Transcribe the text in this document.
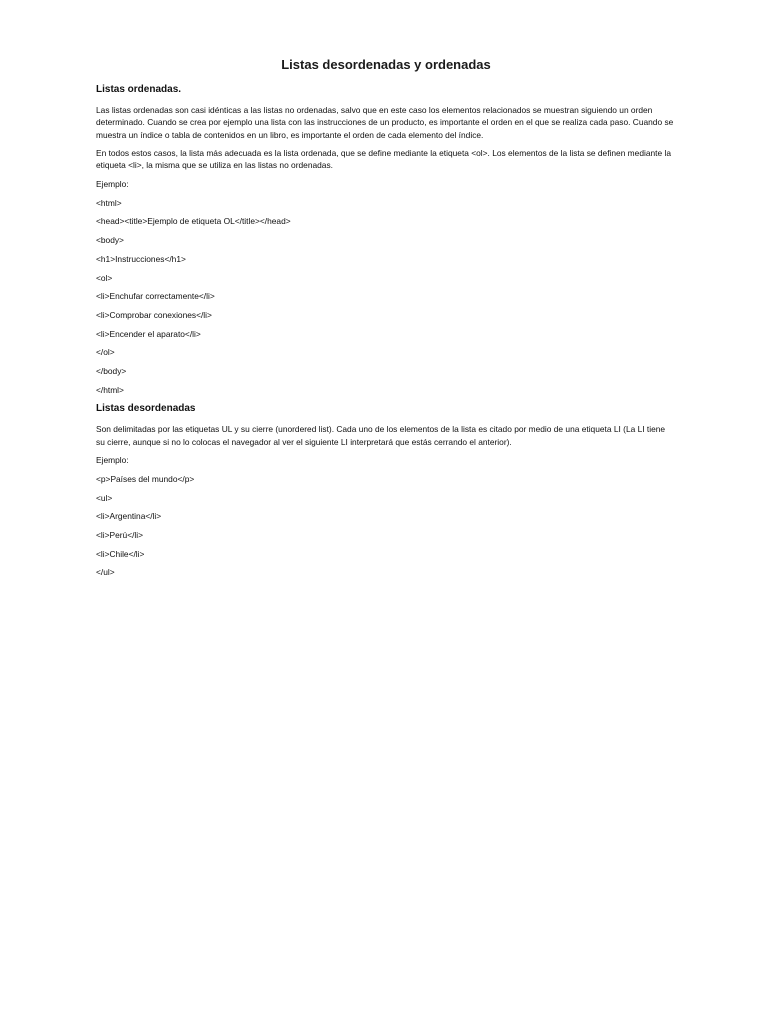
Listas desordenadas y ordenadas
Listas ordenadas.
Las listas ordenadas son casi idénticas a las listas no ordenadas, salvo que en este caso los elementos relacionados se muestran siguiendo un orden determinado. Cuando se crea por ejemplo una lista con las instrucciones de un producto, es importante el orden en el que se realiza cada paso. Cuando se muestra un índice o tabla de contenidos en un libro, es importante el orden de cada elemento del índice.
En todos estos casos, la lista más adecuada es la lista ordenada, que se define mediante la etiqueta <ol>. Los elementos de la lista se definen mediante la etiqueta <li>, la misma que se utiliza en las listas no ordenadas.
Ejemplo:
<html>
<head><title>Ejemplo de etiqueta OL</title></head>
<body>
<h1>Instrucciones</h1>
<ol>
<li>Enchufar correctamente</li>
<li>Comprobar conexiones</li>
<li>Encender el aparato</li>
</ol>
</body>
</html>
Listas desordenadas
Son delimitadas por las etiquetas UL y su cierre (unordered list). Cada uno de los elementos de la lista es citado por medio de una etiqueta LI (La LI tiene su cierre, aunque si no lo colocas el navegador al ver el siguiente LI interpretará que estás cerrando el anterior).
Ejemplo:
<p>Países del mundo</p>
<ul>
<li>Argentina</li>
<li>Perú</li>
<li>Chile</li>
</ul>
